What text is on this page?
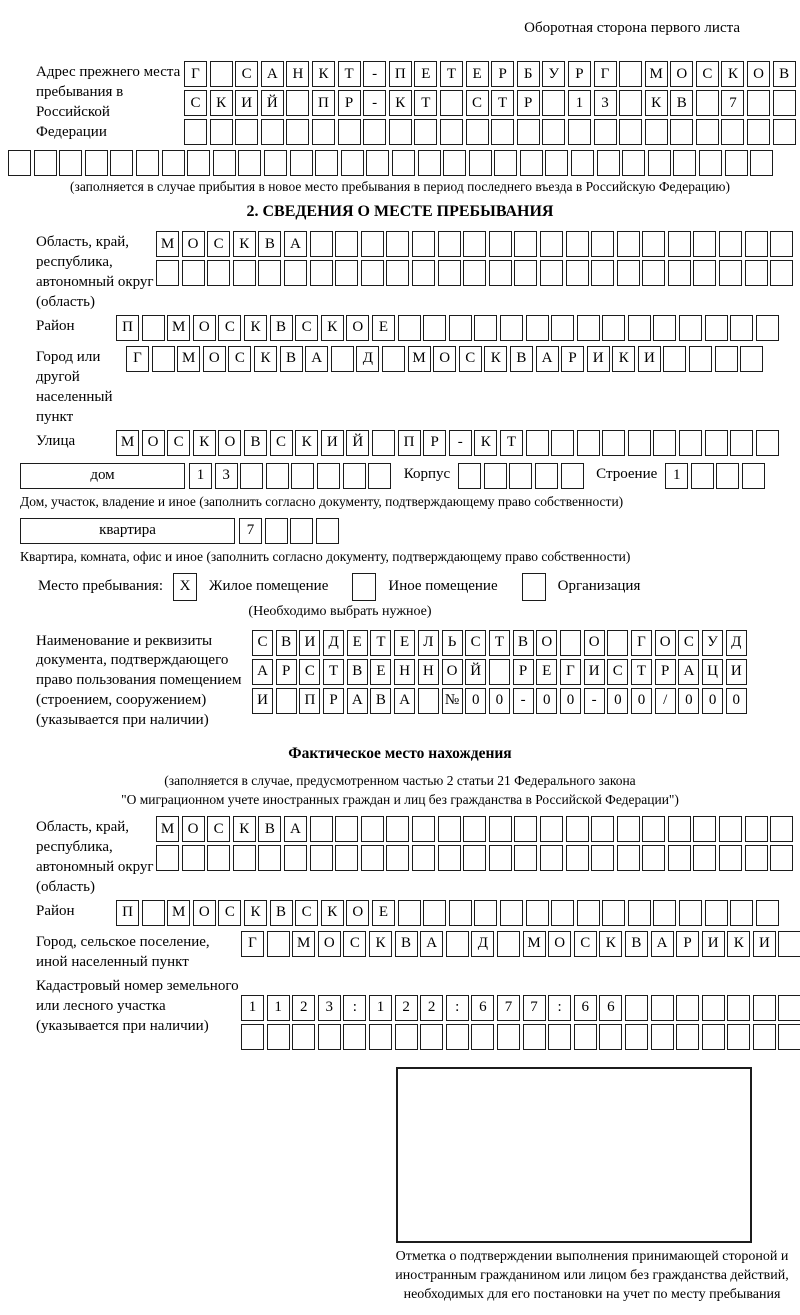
Оборотная сторона первого листа
Адрес прежнего места пребывания в Российской Федерации
Г	С	А Н	К	Т	-	П	Е	Т	Е	Р	Б	У	Р	Г	М О	С	К	О	В
С	К	И Й	П	Р	-	К	Т	С	Т	Р	1	3	К	В	7
(заполняется в случае прибытия в новое место пребывания в период последнего въезда в Российскую Федерацию)
2. СВЕДЕНИЯ О МЕСТЕ ПРЕБЫВАНИЯ
Область, край, республика, автономный округ (область)
М О	С	К	В	А
Район	П	М О	С	К	В	С	К	О	Е
Город или другой населенный пункт
Г	М О	С	К	В	А	Д	М О	С	К	В	А	Р	И	К	И
Улица	М О	С	К	О	В	С	К	И Й	П	Р	-	К	Т
дом	1	3	Корпус	Строение	1
Дом, участок, владение и иное (заполнить согласно документу, подтверждающему право собственности)
квартира	7
Квартира, комната, офис и иное (заполнить согласно документу, подтверждающему право собственности)
Место пребывания:	X	Жилое помещение	Иное помещение	Организация
(Необходимо выбрать нужное)
Наименование и реквизиты документа, подтверждающего право пользования помещением (строением, сооружением) (указывается при наличии)
С В И Д Е Т Е Л Ь С Т В О	О	Г О С У Д
А Р С Т В Е Н Н О Й	Р Е Г И С Т Р А Ц И
И	П Р А В А	№ 0	0	-	0	0	-	0	0	/	0	0	0
Фактическое место нахождения
(заполняется в случае, предусмотренном частью 2 статьи 21 Федерального закона
"О миграционном учете иностранных граждан и лиц без гражданства в Российской Федерации")
Область, край, республика, автономный округ (область)
М О	С	К	В	А
Район	П	М О	С	К	В	С	К	О	Е
Город, сельское поселение, иной населенный пункт
Г	М О	С	К	В	А	Д	М О	С	К	В	А	Р	И	К	И
Кадастровый номер земельного или лесного участка (указывается при наличии)
1	1	2	3	:	1	2	2	:	6	7	7	:	6	6
Отметка о подтверждении выполнения принимающей стороной и иностранным гражданином или лицом без гражданства действий, необходимых для его постановки на учет по месту пребывания
